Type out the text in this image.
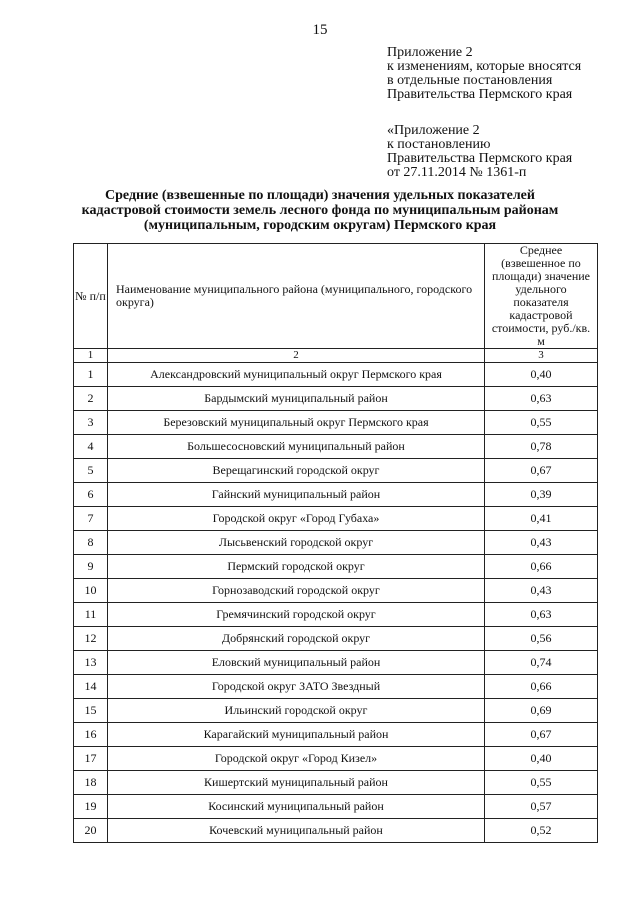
15
Приложение 2
к изменениям, которые вносятся
в отдельные постановления
Правительства Пермского края
«Приложение 2
к постановлению
Правительства Пермского края
от 27.11.2014 № 1361-п
Средние (взвешенные по площади) значения удельных показателей
кадастровой стоимости земель лесного фонда по муниципальным районам
(муниципальным, городским округам) Пермского края
№ п/п	Наименование муниципального района (муниципального, городского округа)	Среднее (взвешенное по площади) значение удельного показателя кадастровой стоимости, руб./кв. м
1	2	3
1	Александровский муниципальный округ Пермского края	0,40
2	Бардымский муниципальный район	0,63
3	Березовский муниципальный округ Пермского края	0,55
4	Большесосновский муниципальный район	0,78
5	Верещагинский городской округ	0,67
6	Гайнский муниципальный район	0,39
7	Городской округ «Город Губаха»	0,41
8	Лысьвенский городской округ	0,43
9	Пермский городской округ	0,66
10	Горнозаводский городской округ	0,43
11	Гремячинский городской округ	0,63
12	Добрянский городской округ	0,56
13	Еловский муниципальный район	0,74
14	Городской округ ЗАТО Звездный	0,66
15	Ильинский городской округ	0,69
16	Карагайский муниципальный район	0,67
17	Городской округ «Город Кизел»	0,40
18	Кишертский муниципальный район	0,55
19	Косинский муниципальный район	0,57
20	Кочевский муниципальный район	0,52
